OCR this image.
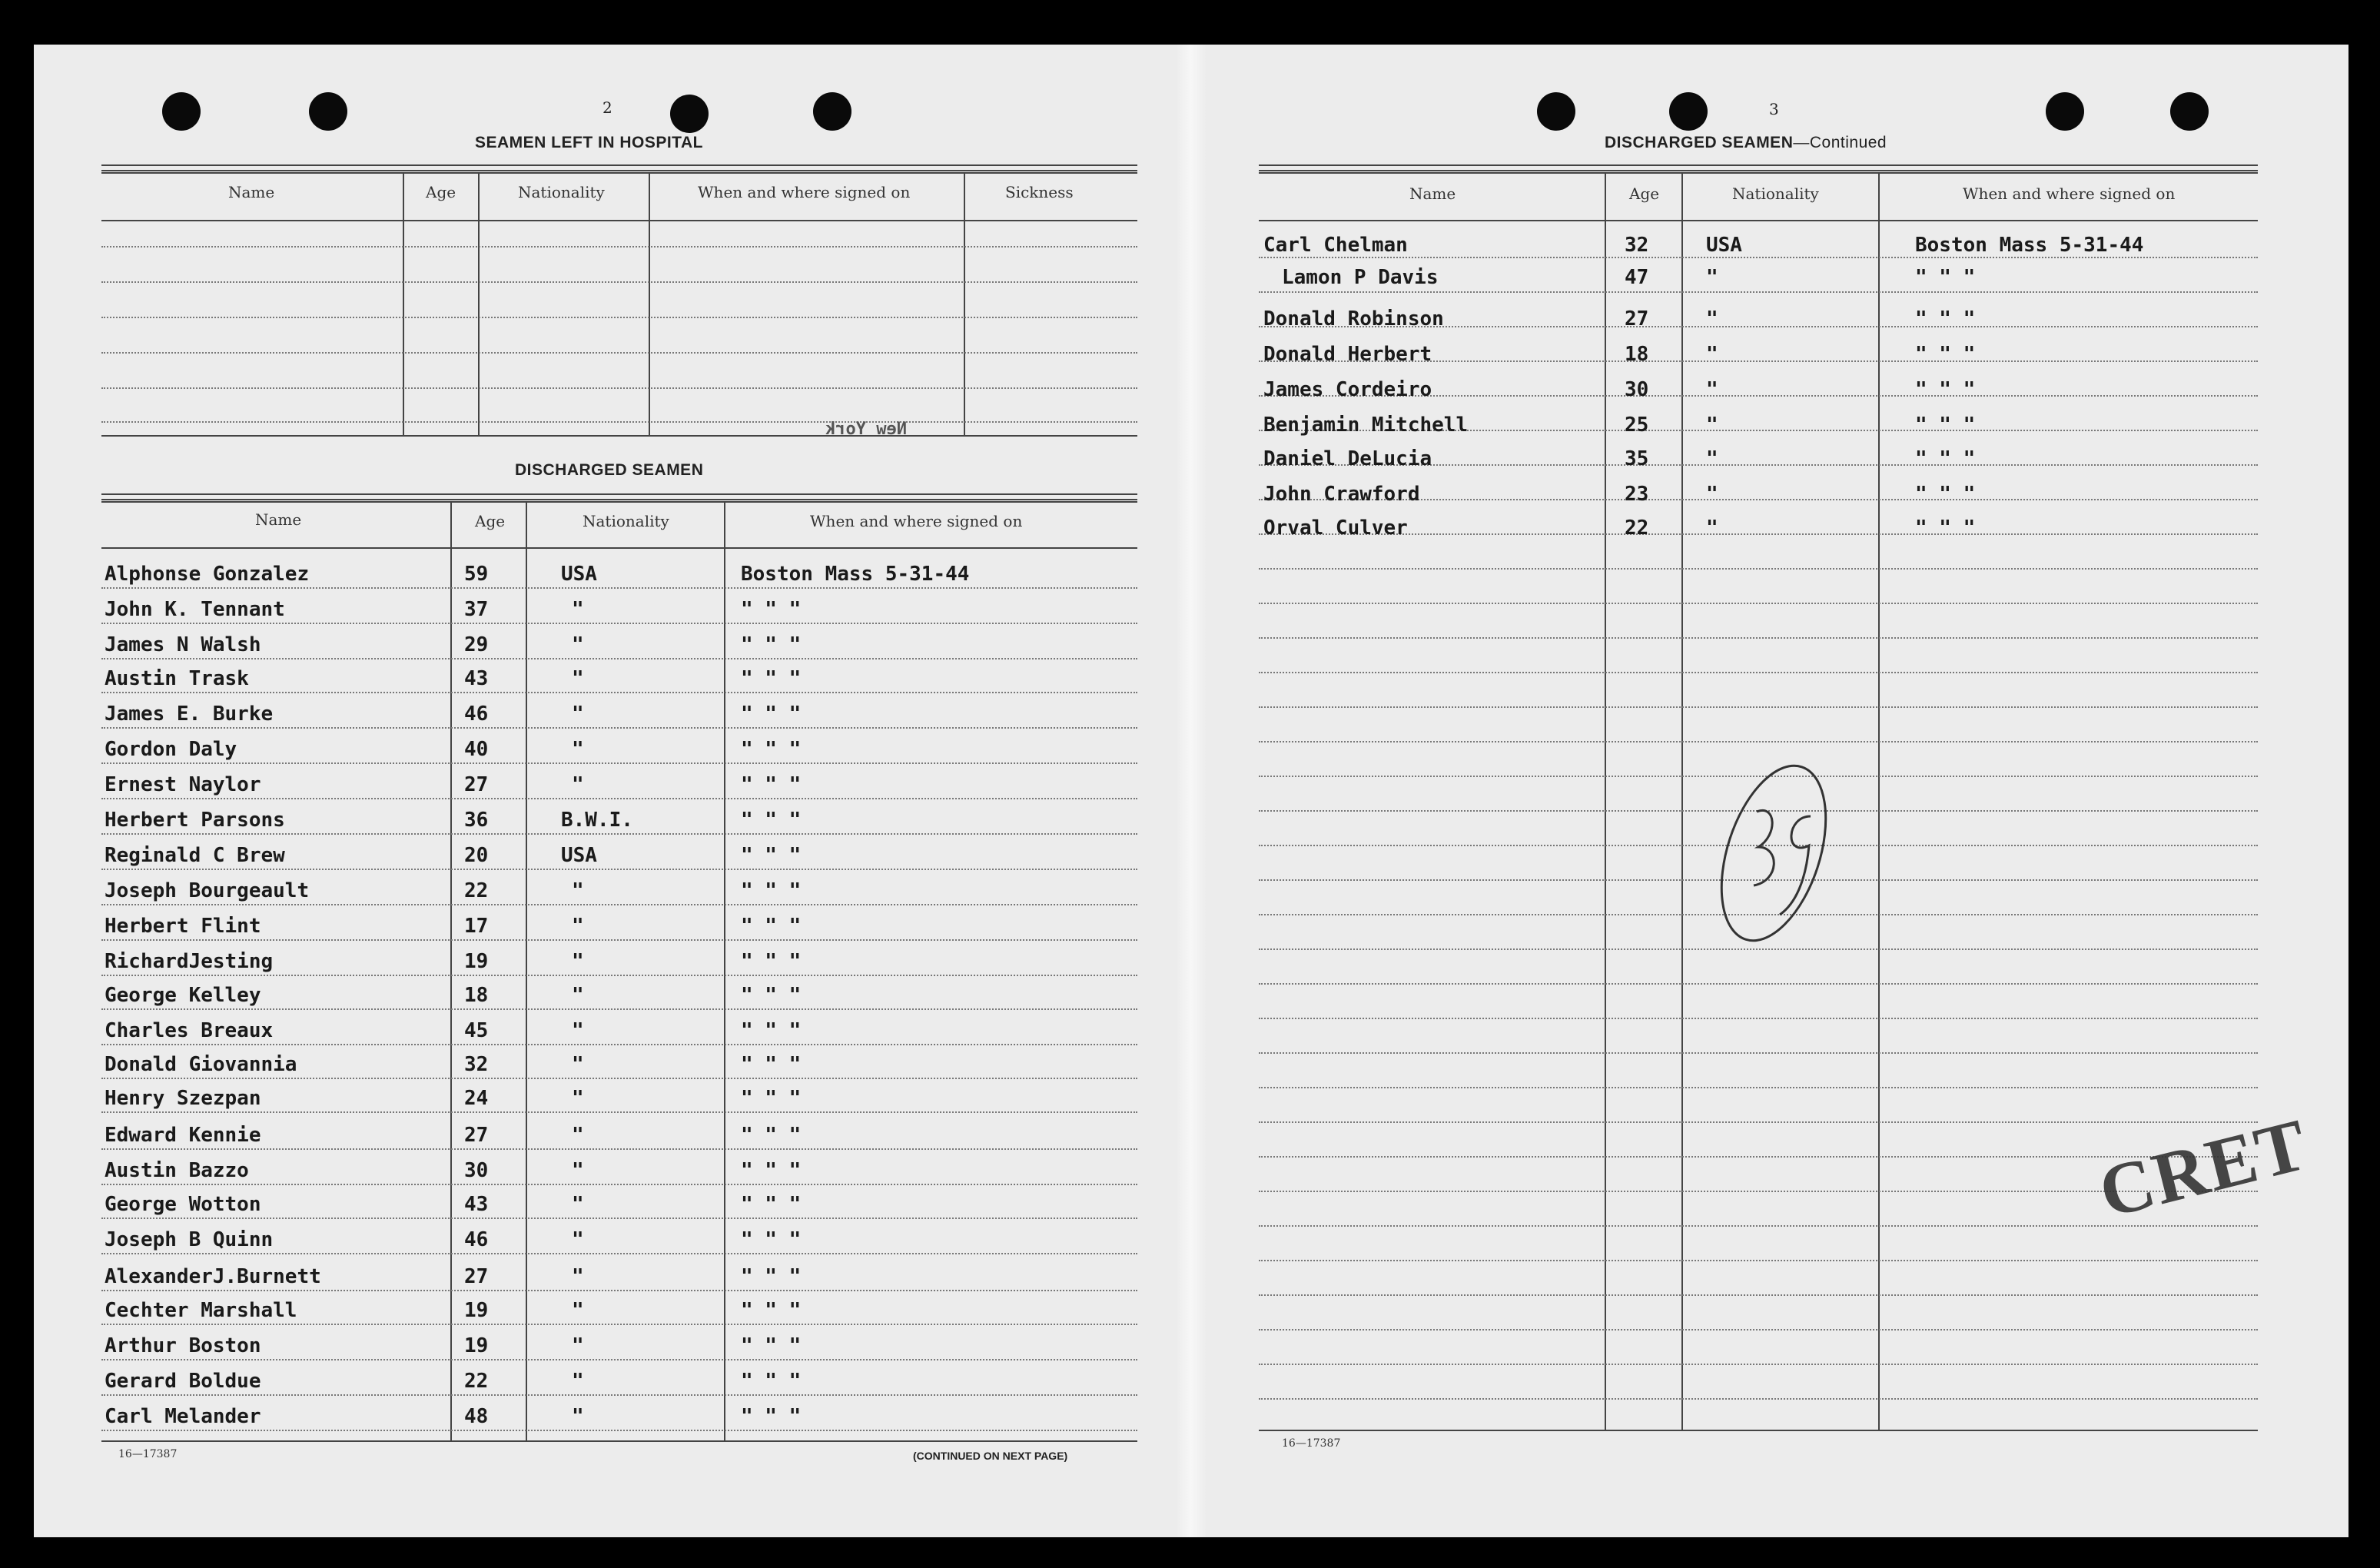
2
SEAMEN LEFT IN HOSPITAL
Name	Age	Nationality	When and where signed on	Sickness
New York
DISCHARGED SEAMEN
Name	Age	Nationality	When and where signed on
Alphonse Gonzalez	59	USA	Boston Mass 5-31-44
John K. Tennant	37	"	" " "
James N Walsh	29	"	" " "
Austin Trask	43	"	" " "
James E. Burke	46	"	" " "
Gordon Daly	40	"	" " "
Ernest Naylor	27	"	" " "
Herbert Parsons	36	B.W.I.	" " "
Reginald C Brew	20	USA	" " "
Joseph Bourgeault	22	"	" " "
Herbert Flint	17	"	" " "
RichardJesting	19	"	" " "
George Kelley	18	"	" " "
Charles Breaux	45	"	" " "
Donald Giovannia	32	"	" " "
Henry Szezpan	24	"	" " "
Edward Kennie	27	"	" " "
Austin Bazzo	30	"	" " "
George Wotton	43	"	" " "
Joseph B Quinn	46	"	" " "
AlexanderJ.Burnett	27	"	" " "
Cechter Marshall	19	"	" " "
Arthur Boston	19	"	" " "
Gerard Boldue	22	"	" " "
Carl Melander	48	"	" " "
16—17387	(CONTINUED ON NEXT PAGE)
3
DISCHARGED SEAMEN—Continued
Name	Age	Nationality	When and where signed on
Carl Chelman	32	USA	Boston Mass 5-31-44
Lamon P Davis	47	"	" " "
Donald Robinson	27	"	" " "
Donald Herbert	18	"	" " "
James Cordeiro	30	"	" " "
Benjamin Mitchell	25	"	" " "
Daniel DeLucia	35	"	" " "
John Crawford	23	"	" " "
Orval Culver	22	"	" " "
CRET
16—17387
